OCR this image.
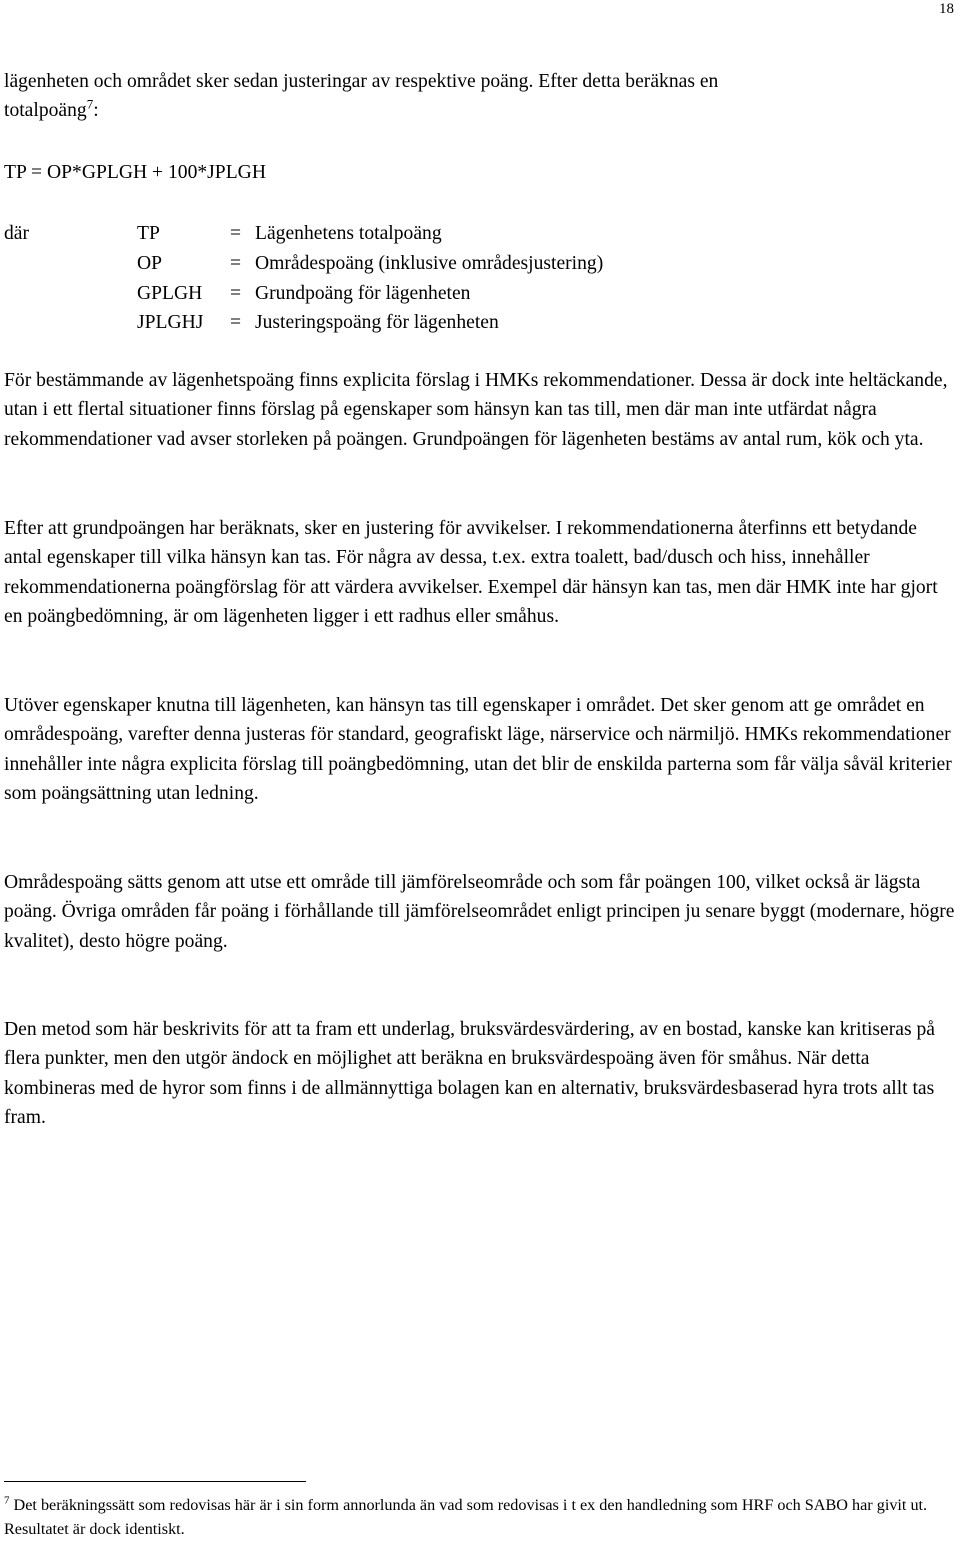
18
lägenheten och området sker sedan justeringar av respektive poäng. Efter detta beräknas en
totalpoäng$^7$:
TP = OP*GPLGH + 100*JPLGH
där	TP	= Lägenhetens totalpoäng
OP	= Områdespoäng (inklusive områdesjustering)
GPLGH = Grundpoäng för lägenheten
JPLGHJ = Justeringspoäng för lägenheten

För bestämmande av lägenhetspoäng finns explicita förslag i HMKs rekommendationer. Dessa är dock inte heltäckande, utan i ett flertal situationer finns förslag på egenskaper som hänsyn kan tas till, men där man inte utfärdat några rekommendationer vad avser storleken på poängen. Grundpoängen för lägenheten bestäms av antal rum, kök och yta.

Efter att grundpoängen har beräknats, sker en justering för avvikelser. I rekommendationerna återfinns ett betydande antal egenskaper till vilka hänsyn kan tas. För några av dessa, t.ex. extra toalett, bad/dusch och hiss, innehåller rekommendationerna poängförslag för att värdera avvikelser. Exempel där hänsyn kan tas, men där HMK inte har gjort en poängbedömning, är om lägenheten ligger i ett radhus eller småhus.

Utöver egenskaper knutna till lägenheten, kan hänsyn tas till egenskaper i området. Det sker genom att ge området en områdespoäng, varefter denna justeras för standard, geografiskt läge, närservice och närmiljö. HMKs rekommendationer innehåller inte några explicita förslag till poängbedömning, utan det blir de enskilda parterna som får välja såväl kriterier som poängsättning utan ledning.

Områdespoäng sätts genom att utse ett område till jämförelseområde och som får poängen 100, vilket också är lägsta poäng. Övriga områden får poäng i förhållande till jämförelseområdet enligt principen ju senare byggt (modernare, högre kvalitet), desto högre poäng.

Den metod som här beskrivits för att ta fram ett underlag, bruksvärdesvärdering, av en bostad, kanske kan kritiseras på flera punkter, men den utgör ändock en möjlighet att beräkna en bruksvärdespoäng även för småhus. När detta kombineras med de hyror som finns i de allmännyttiga bolagen kan en alternativ, bruksvärdesbaserad hyra trots allt tas fram.

$^7$ Det beräkningssätt som redovisas här är i sin form annorlunda än vad som redovisas i t ex den handledning som HRF och SABO har givit ut. Resultatet är dock identiskt.
